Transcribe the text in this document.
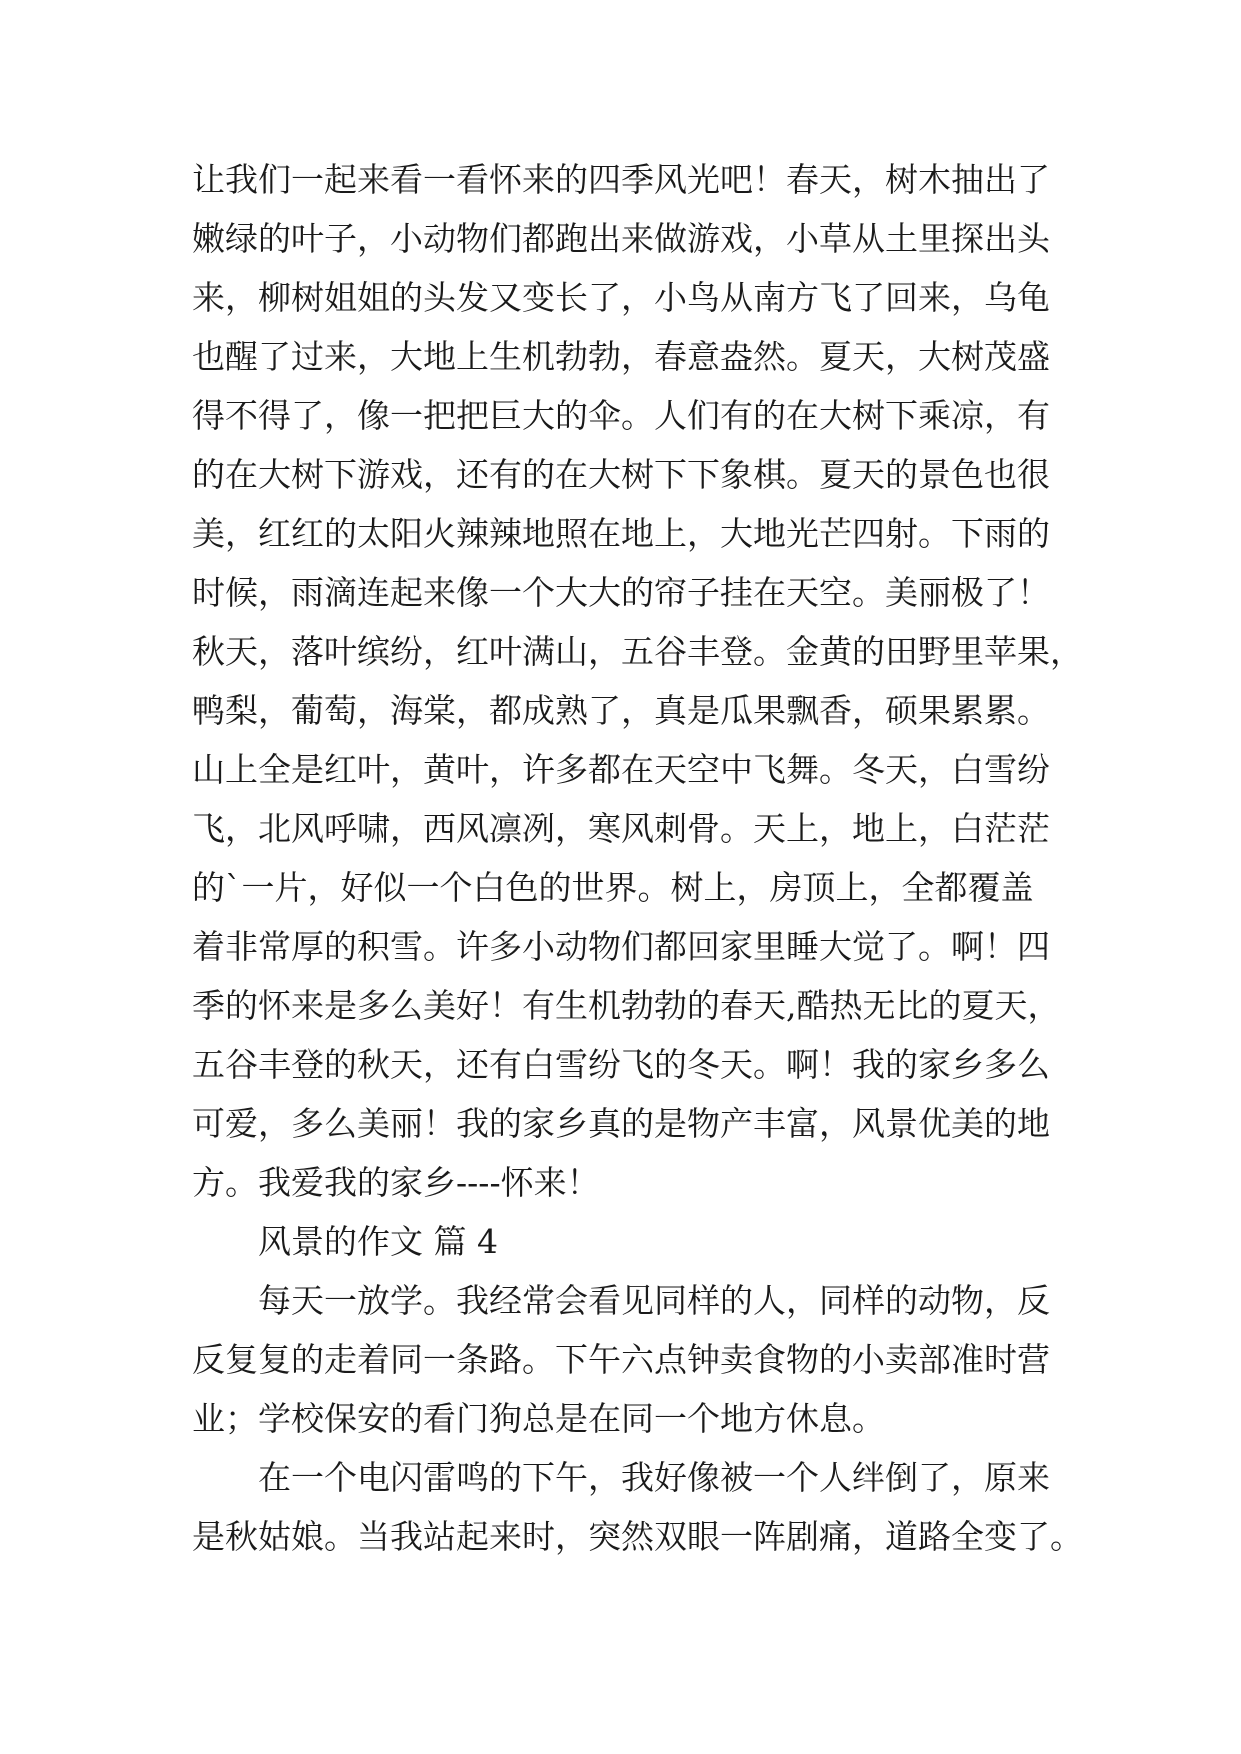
让我们一起来看一看怀来的四季风光吧！春天，树木抽出了
嫩绿的叶子，小动物们都跑出来做游戏，小草从土里探出头
来，柳树姐姐的头发又变长了，小鸟从南方飞了回来，乌龟
也醒了过来，大地上生机勃勃，春意盎然。夏天，大树茂盛
得不得了，像一把把巨大的伞。人们有的在大树下乘凉，有
的在大树下游戏，还有的在大树下下象棋。夏天的景色也很
美，红红的太阳火辣辣地照在地上，大地光芒四射。下雨的
时候，雨滴连起来像一个大大的帘子挂在天空。美丽极了！
秋天，落叶缤纷，红叶满山，五谷丰登。金黄的田野里苹果，
鸭梨，葡萄，海棠，都成熟了，真是瓜果飘香，硕果累累。
山上全是红叶，黄叶，许多都在天空中飞舞。冬天，白雪纷
飞，北风呼啸，西风凛冽，寒风刺骨。天上，地上，白茫茫
的`一片，好似一个白色的世界。树上，房顶上，全都覆盖
着非常厚的积雪。许多小动物们都回家里睡大觉了。啊！四
季的怀来是多么美好！有生机勃勃的春天,酷热无比的夏天，
五谷丰登的秋天，还有白雪纷飞的冬天。啊！我的家乡多么
可爱，多么美丽！我的家乡真的是物产丰富，风景优美的地
方。我爱我的家乡----怀来！
风景的作文 篇 4
每天一放学。我经常会看见同样的人，同样的动物，反
反复复的走着同一条路。下午六点钟卖食物的小卖部准时营
业；学校保安的看门狗总是在同一个地方休息。
在一个电闪雷鸣的下午，我好像被一个人绊倒了，原来
是秋姑娘。当我站起来时，突然双眼一阵剧痛，道路全变了。
